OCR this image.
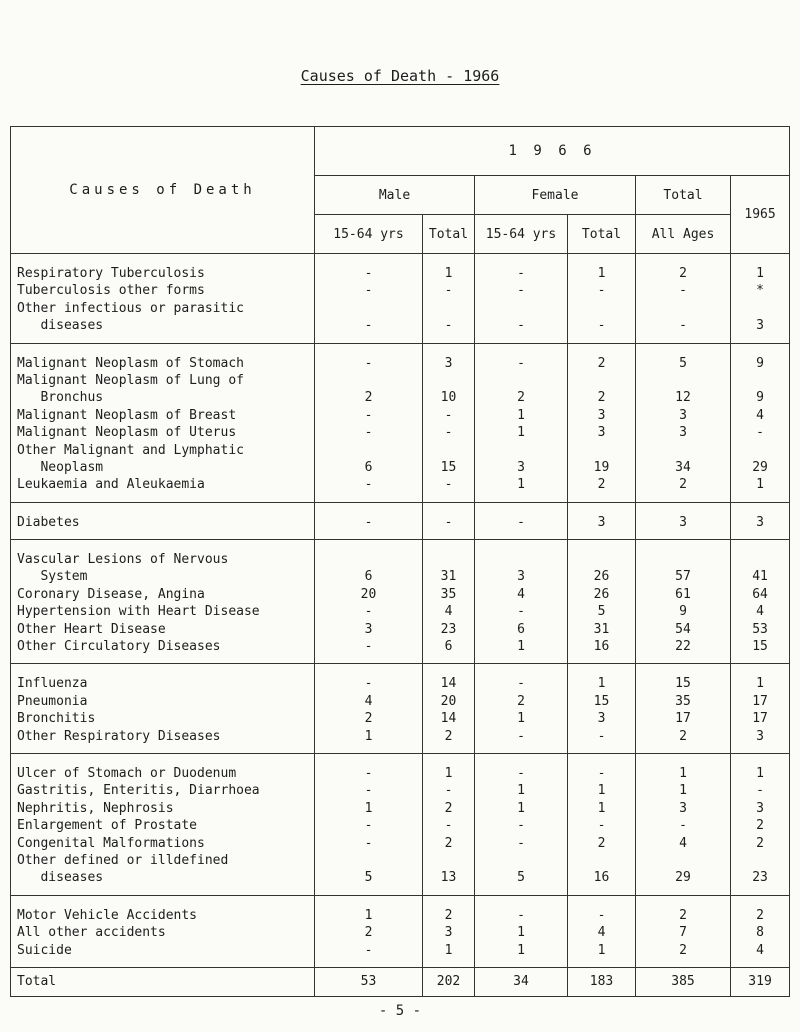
Causes of Death - 1966
Causes of Death	1 9 6 6					
	Male		Female		Total	1965
	15-64 yrs	Total	15-64 yrs	Total	All Ages	

Respiratory Tuberculosis	-	1	-	1	2	1

Tuberculosis other forms	-	-	-	-	-	*

Other infectious or parasitic
diseases	-	-	-	-	-	3

Malignant Neoplasm of Stomach	-	3	-	2	5	9

Malignant Neoplasm of Lung of
Bronchus	2	10	2	2	12	9

Malignant Neoplasm of Breast	-	-	1	3	3	4

Malignant Neoplasm of Uterus	-	-	1	3	3	-

Other Malignant and Lymphatic
Neoplasm	6	15	3	19	34	29

Leukaemia and Aleukaemia	-	-	1	2	2	1

Diabetes	-	-	-	3	3	3

Vascular Lesions of Nervous
System	6	31	3	26	57	41

Coronary Disease, Angina	20	35	4	26	61	64

Hypertension with Heart Disease	-	4	-	5	9	4

Other Heart Disease	3	23	6	31	54	53

Other Circulatory Diseases	-	6	1	16	22	15

Influenza	-	14	-	1	15	1

Pneumonia	4	20	2	15	35	17

Bronchitis	2	14	1	3	17	17

Other Respiratory Diseases	1	2	-	-	2	3

Ulcer of Stomach or Duodenum	-	1	-	-	1	1

Gastritis, Enteritis, Diarrhoea	-	-	1	1	1	-

Nephritis, Nephrosis	1	2	1	1	3	3

Enlargement of Prostate	-	-	-	-	-	2

Congenital Malformations	-	2	-	2	4	2

Other defined or illdefined
diseases	5	13	5	16	29	23

Motor Vehicle Accidents	1	2	-	-	2	2

All other accidents	2	3	1	4	7	8

Suicide	-	1	1	1	2	4

Total	53	202	34	183	385	319
- 5 -
